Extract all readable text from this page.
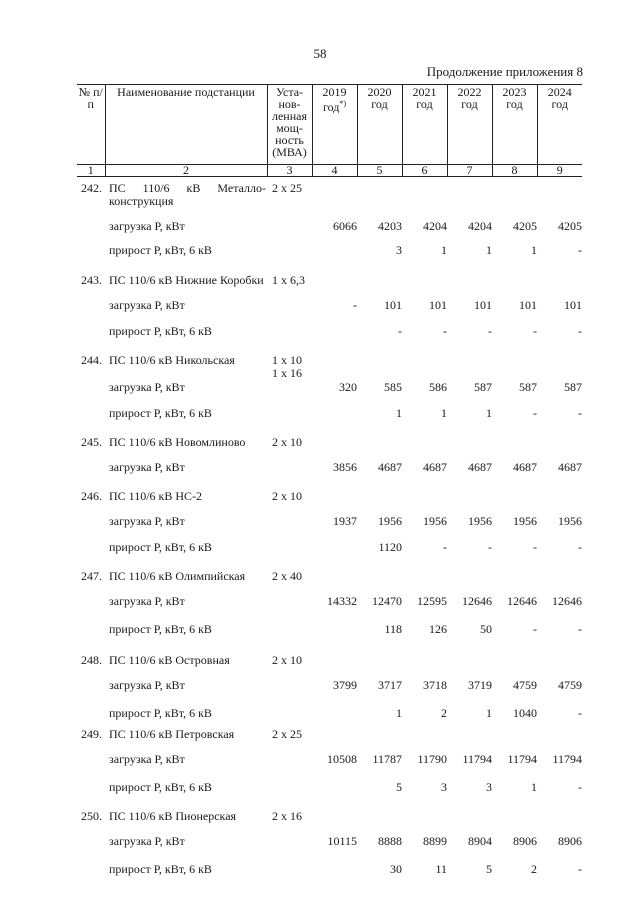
58
Продолжение приложения 8
№ п/п	Наименование подстанции	Уста-нов-ленная мощ-ность (МВА)	2019 год*)	2020 год	2021 год	2022 год	2023 год	2024 год
1	2	3	4	5	6	7	8	9
242.	ПС 110/6 кВ Металло-конструкция	2 х 25						

	загрузка Р, кВт		6066	4203	4204	4204	4205	4205
	прирост Р, кВт, 6 кВ			3	1	1	1	-
243.	ПС 110/6 кВ Нижние Коробки	1 х 6,3						

	загрузка Р, кВт		-	101	101	101	101	101
	прирост Р, кВт, 6 кВ			-	-	-	-	-
244.	ПС 110/6 кВ Никольская	1 х 10
1 х 16						

	загрузка Р, кВт		320	585	586	587	587	587
	прирост Р, кВт, 6 кВ			1	1	1	-	-
245.	ПС 110/6 кВ Новомлиново	2 х 10						

	загрузка Р, кВт		3856	4687	4687	4687	4687	4687
246.	ПС 110/6 кВ НС-2	2 х 10						

	загрузка Р, кВт		1937	1956	1956	1956	1956	1956
	прирост Р, кВт, 6 кВ			1120	-	-	-	-
247.	ПС 110/6 кВ Олимпийская	2 х 40						

	загрузка Р, кВт		14332	12470	12595	12646	12646	12646
	прирост Р, кВт, 6 кВ			118	126	50	-	-
248.	ПС 110/6 кВ Островная	2 х 10						

	загрузка Р, кВт		3799	3717	3718	3719	4759	4759
	прирост Р, кВт, 6 кВ			1	2	1	1040	-
249.	ПС 110/6 кВ Петровская	2 х 25						

	загрузка Р, кВт		10508	11787	11790	11794	11794	11794
	прирост Р, кВт, 6 кВ			5	3	3	1	-
250.	ПС 110/6 кВ Пионерская	2 х 16						

	загрузка Р, кВт		10115	8888	8899	8904	8906	8906
	прирост Р, кВт, 6 кВ			30	11	5	2	-
